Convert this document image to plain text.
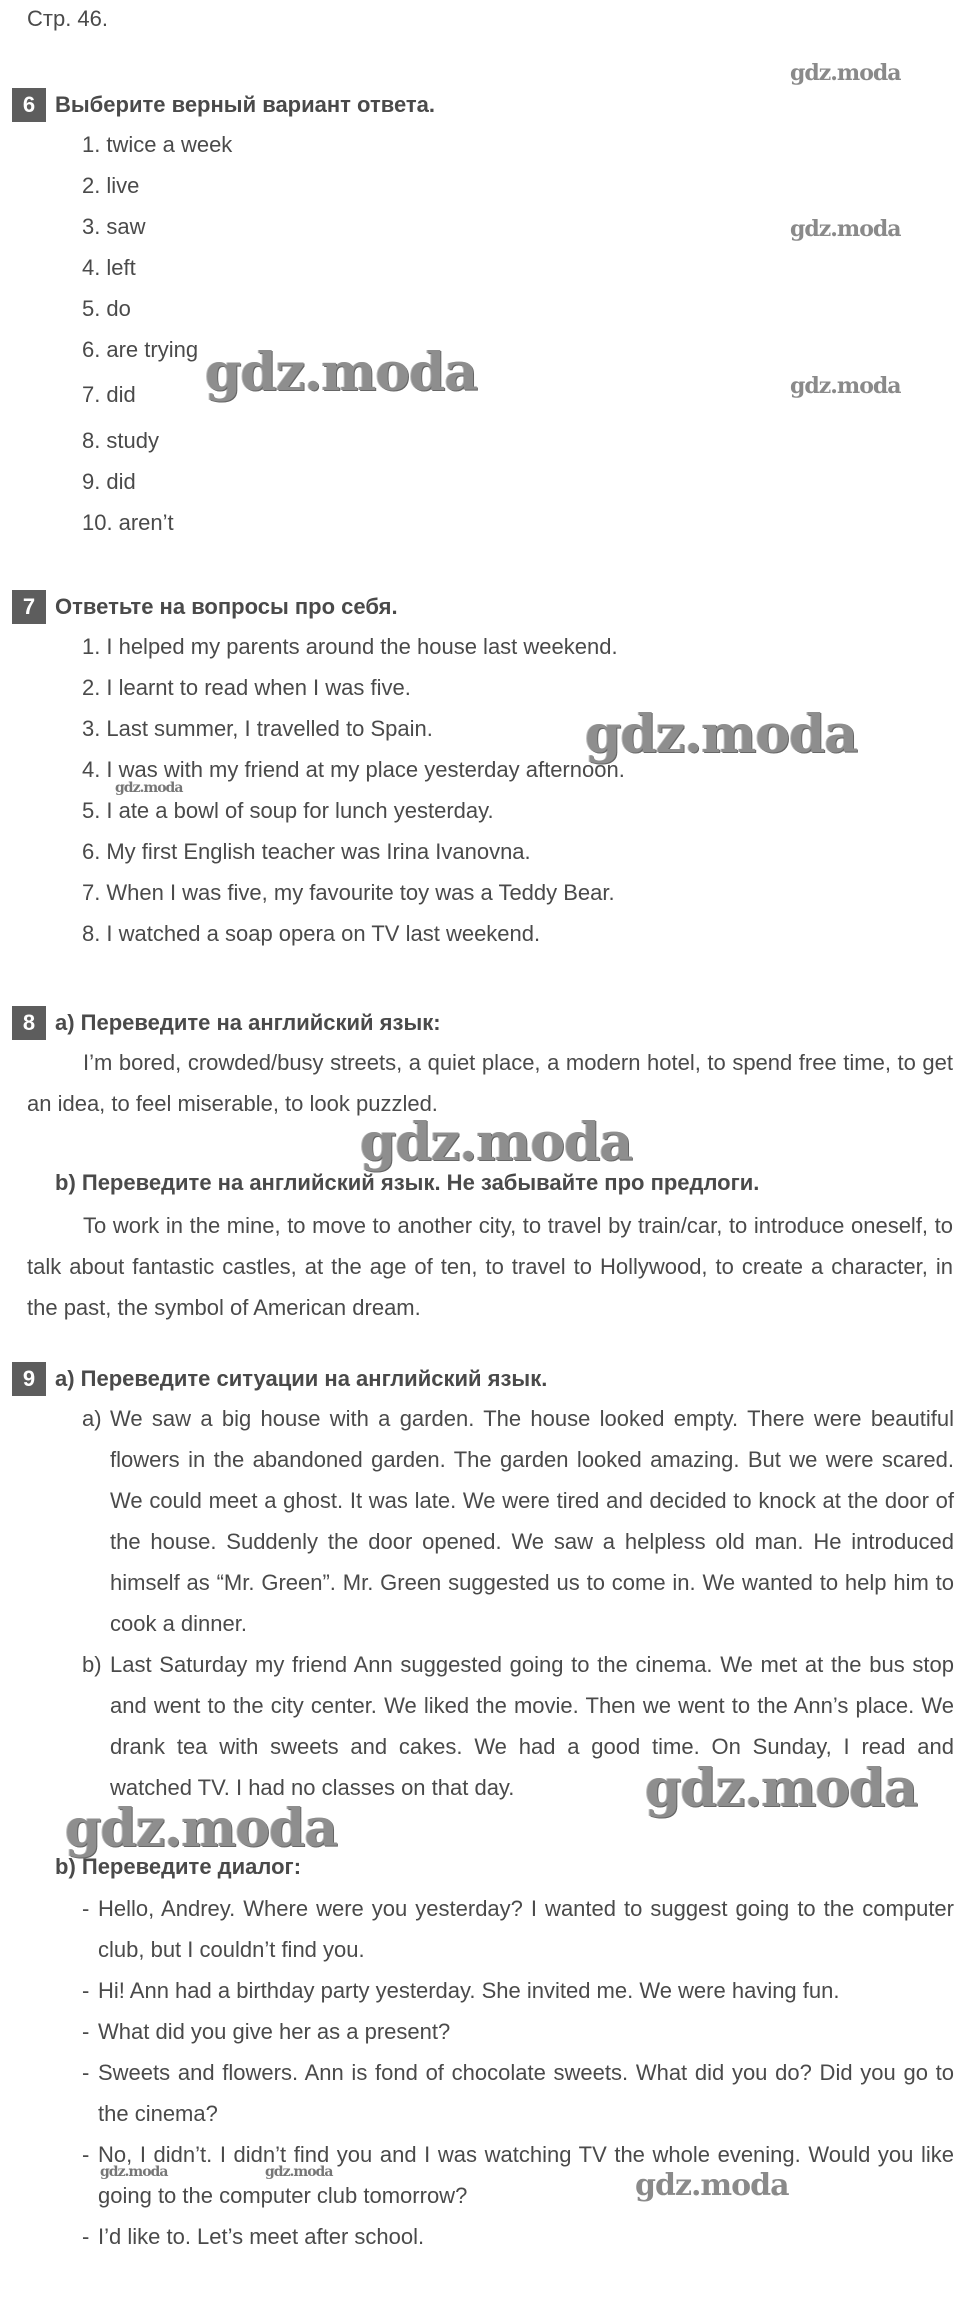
Стр. 46.
6 Выберите верный вариант ответа.
1. twice a week
2. live
3. saw
4. left
5. do
6. are trying
7. did
8. study
9. did
10. aren’t
7 Ответьте на вопросы про себя.
1. I helped my parents around the house last weekend.
2. I learnt to read when I was five.
3. Last summer, I travelled to Spain.
4. I was with my friend at my place yesterday afternoon.
5. I ate a bowl of soup for lunch yesterday.
6. My first English teacher was Irina Ivanovna.
7. When I was five, my favourite toy was a Teddy Bear.
8. I watched a soap opera on TV last weekend.
8 a) Переведите на английский язык:
I’m bored, crowded/busy streets, a quiet place, a modern hotel, to spend free time, to get an idea, to feel miserable, to look puzzled.
b) Переведите на английский язык. Не забывайте про предлоги.
To work in the mine, to move to another city, to travel by train/car, to introduce oneself, to talk about fantastic castles, at the age of ten, to travel to Hollywood, to create a character, in the past, the symbol of American dream.
9 a) Переведите ситуации на английский язык.
a) We saw a big house with a garden. The house looked empty. There were beautiful flowers in the abandoned garden. The garden looked amazing. But we were scared. We could meet a ghost. It was late. We were tired and decided to knock at the door of the house. Suddenly the door opened. We saw a helpless old man. He introduced himself as “Mr. Green”. Mr. Green suggested us to come in. We wanted to help him to cook a dinner.
b) Last Saturday my friend Ann suggested going to the cinema. We met at the bus stop and went to the city center. We liked the movie. Then we went to the Ann’s place. We drank tea with sweets and cakes. We had a good time. On Sunday, I read and watched TV. I had no classes on that day.
b) Переведите диалог:
- Hello, Andrey. Where were you yesterday? I wanted to suggest going to the computer club, but I couldn’t find you.
- Hi! Ann had a birthday party yesterday. She invited me. We were having fun.
- What did you give her as a present?
- Sweets and flowers. Ann is fond of chocolate sweets. What did you do? Did you go to the cinema?
- No, I didn’t. I didn’t find you and I was watching TV the whole evening. Would you like going to the computer club tomorrow?
- I’d like to. Let’s meet after school.
gdz.moda
gdz.moda
gdz.moda
gdz.moda
gdz.moda
gdz.moda
gdz.moda
gdz.moda
gdz.moda
gdz.moda	gdz.moda	gdz.moda
